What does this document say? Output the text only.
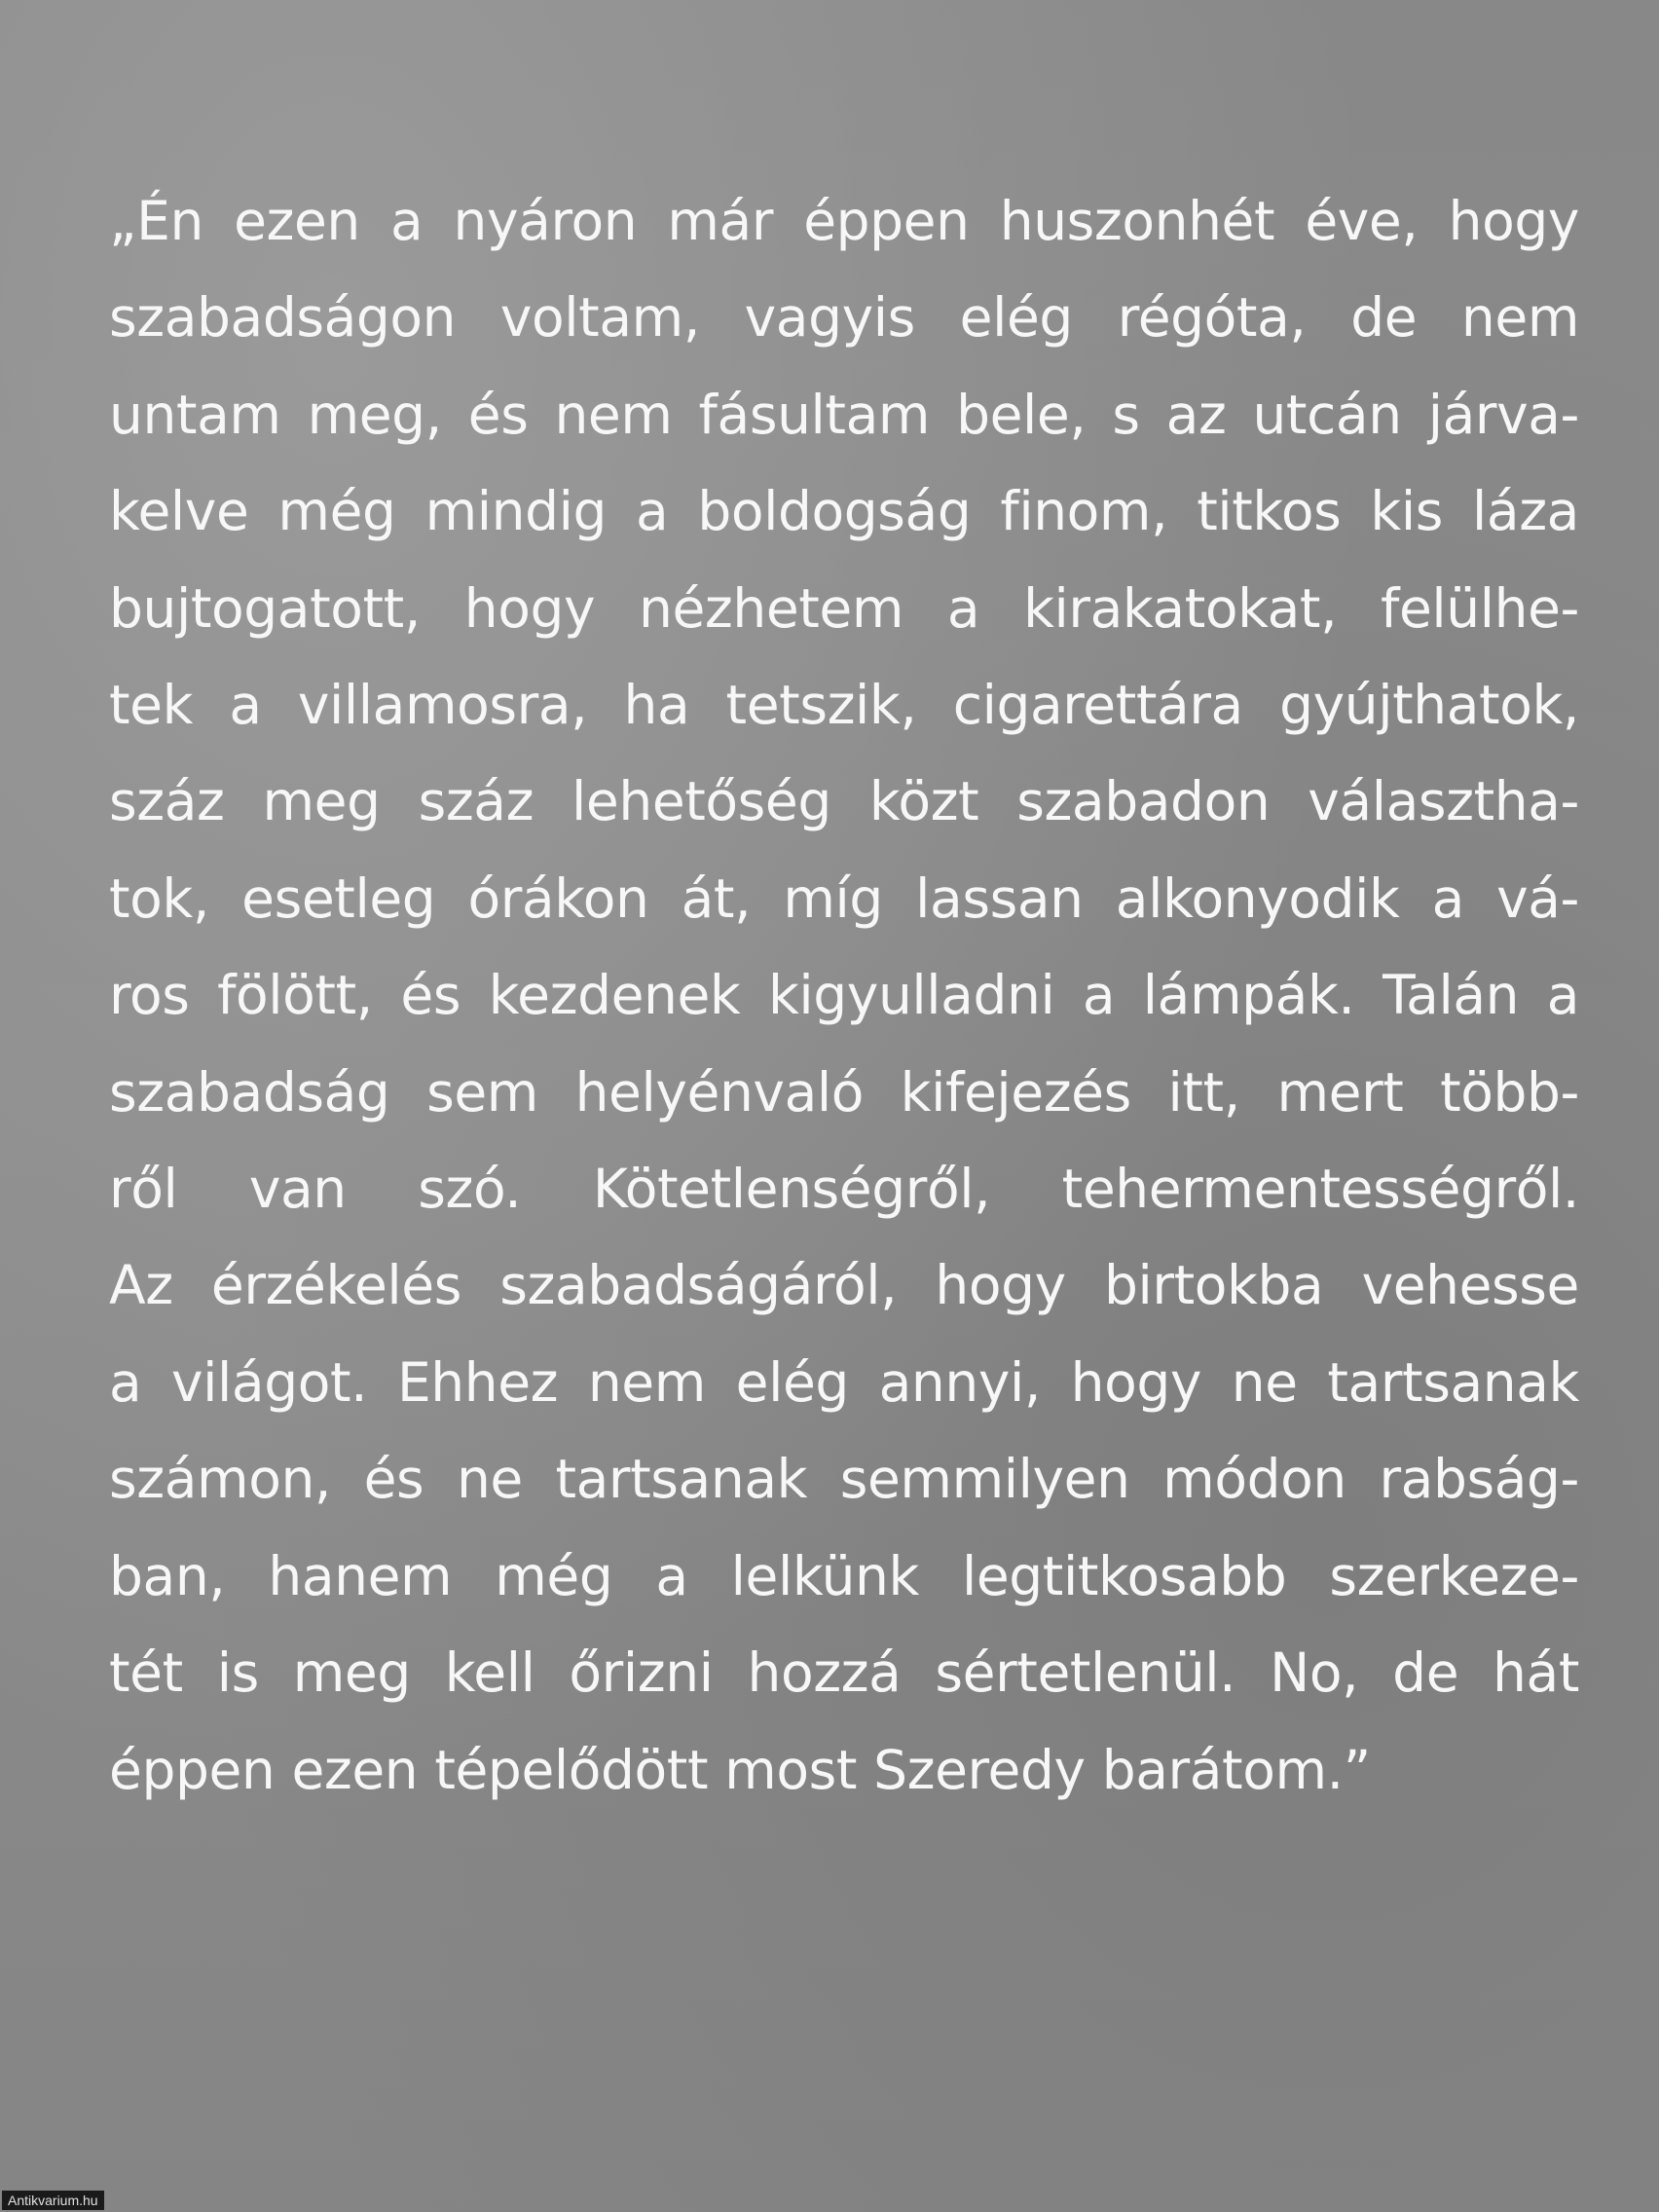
„Én ezen a nyáron már éppen huszonhét éve, hogy
szabadságon voltam, vagyis elég régóta, de nem
untam meg, és nem fásultam bele, s az utcán járva-
kelve még mindig a boldogság finom, titkos kis láza
bujtogatott, hogy nézhetem a kirakatokat, felülhe-
tek a villamosra, ha tetszik, cigarettára gyújthatok,
száz meg száz lehetőség közt szabadon választha-
tok, esetleg órákon át, míg lassan alkonyodik a vá-
ros fölött, és kezdenek kigyulladni a lámpák. Talán a
szabadság sem helyénvaló kifejezés itt, mert több-
ről van szó. Kötetlenségről, tehermentességről.
Az érzékelés szabadságáról, hogy birtokba vehesse
a világot. Ehhez nem elég annyi, hogy ne tartsanak
számon, és ne tartsanak semmilyen módon rabság-
ban, hanem még a lelkünk legtitkosabb szerkeze-
tét is meg kell őrizni hozzá sértetlenül. No, de hát
éppen ezen tépelődött most Szeredy barátom.”
Antikvarium.hu
